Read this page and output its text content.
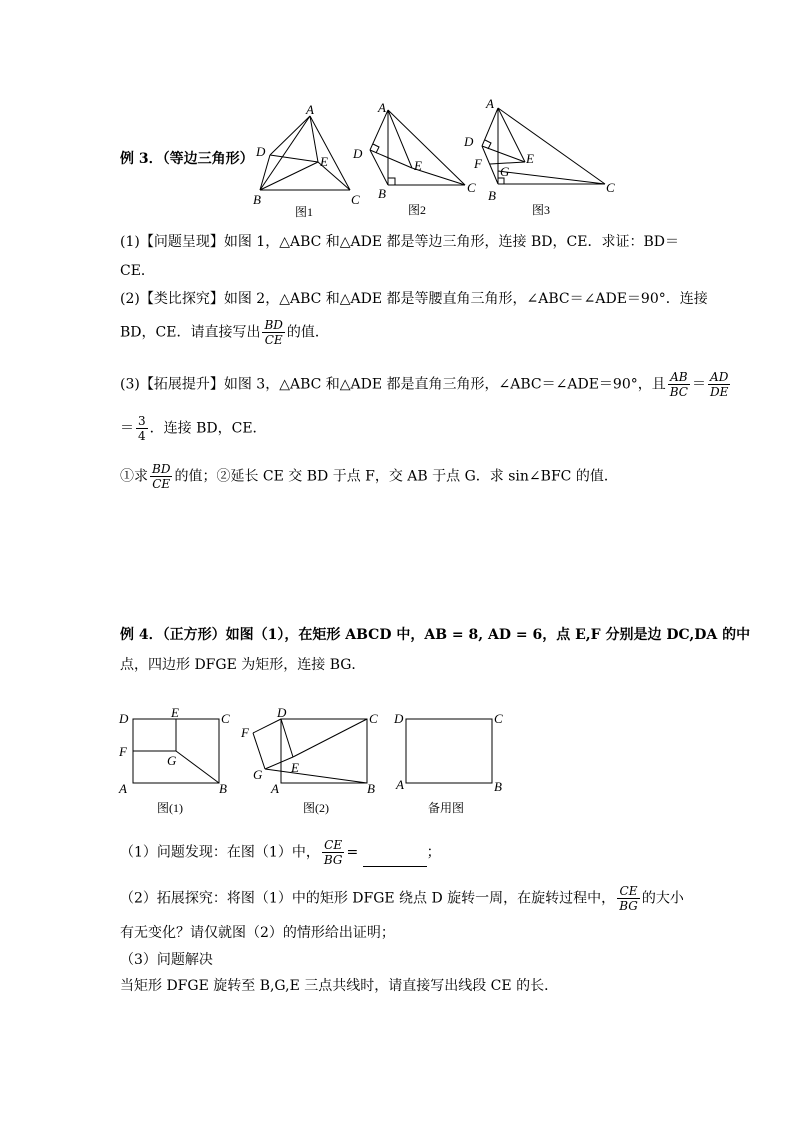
例 3．（等边三角形）
A
D
E
B	C
图1
A
D
E
B	C
图2
A
D
F	E
G
B
C
图3
(1)【问题呈现】如图 1，△ABC 和△ADE 都是等边三角形，连接 BD，CE．求证：BD＝
CE．
(2)【类比探究】如图 2，△ABC 和△ADE 都是等腰直角三角形，∠ABC＝∠ADE＝90°．连接
BD，CE．请直接写出 $\frac{BD}{CE}$ 的值．
(3)【拓展提升】如图 3，△ABC 和△ADE 都是直角三角形，∠ABC＝∠ADE＝90°，且 $\frac{AB}{BC} = \frac{AD}{DE}$
＝ $\frac{3}{4}$ ．连接 BD，CE．
①求 $\frac{BD}{CE}$ 的值；②延长 CE 交 BD 于点 F，交 AB 于点 G．求 sin∠BFC 的值．
例 4．（正方形）如图（1），在矩形 ABCD 中，AB = 8, AD = 6，点 E,F 分别是边 DC,DA 的中
点，四边形 DFGE 为矩形，连接 BG．
D	E	C
F
G
A	B
图(1)
D	C
F
E
G
A	B
图(2)
D	C
A	B
备用图
（1）问题发现：在图（1）中， $\frac{CE}{BG}$ =	；
（2）拓展探究：将图（1）中的矩形 DFGE 绕点 D 旋转一周，在旋转过程中， $\frac{CE}{BG}$ 的大小
有无变化？请仅就图（2）的情形给出证明；
（3）问题解决
当矩形 DFGE 旋转至 B,G,E 三点共线时，请直接写出线段 CE 的长．
